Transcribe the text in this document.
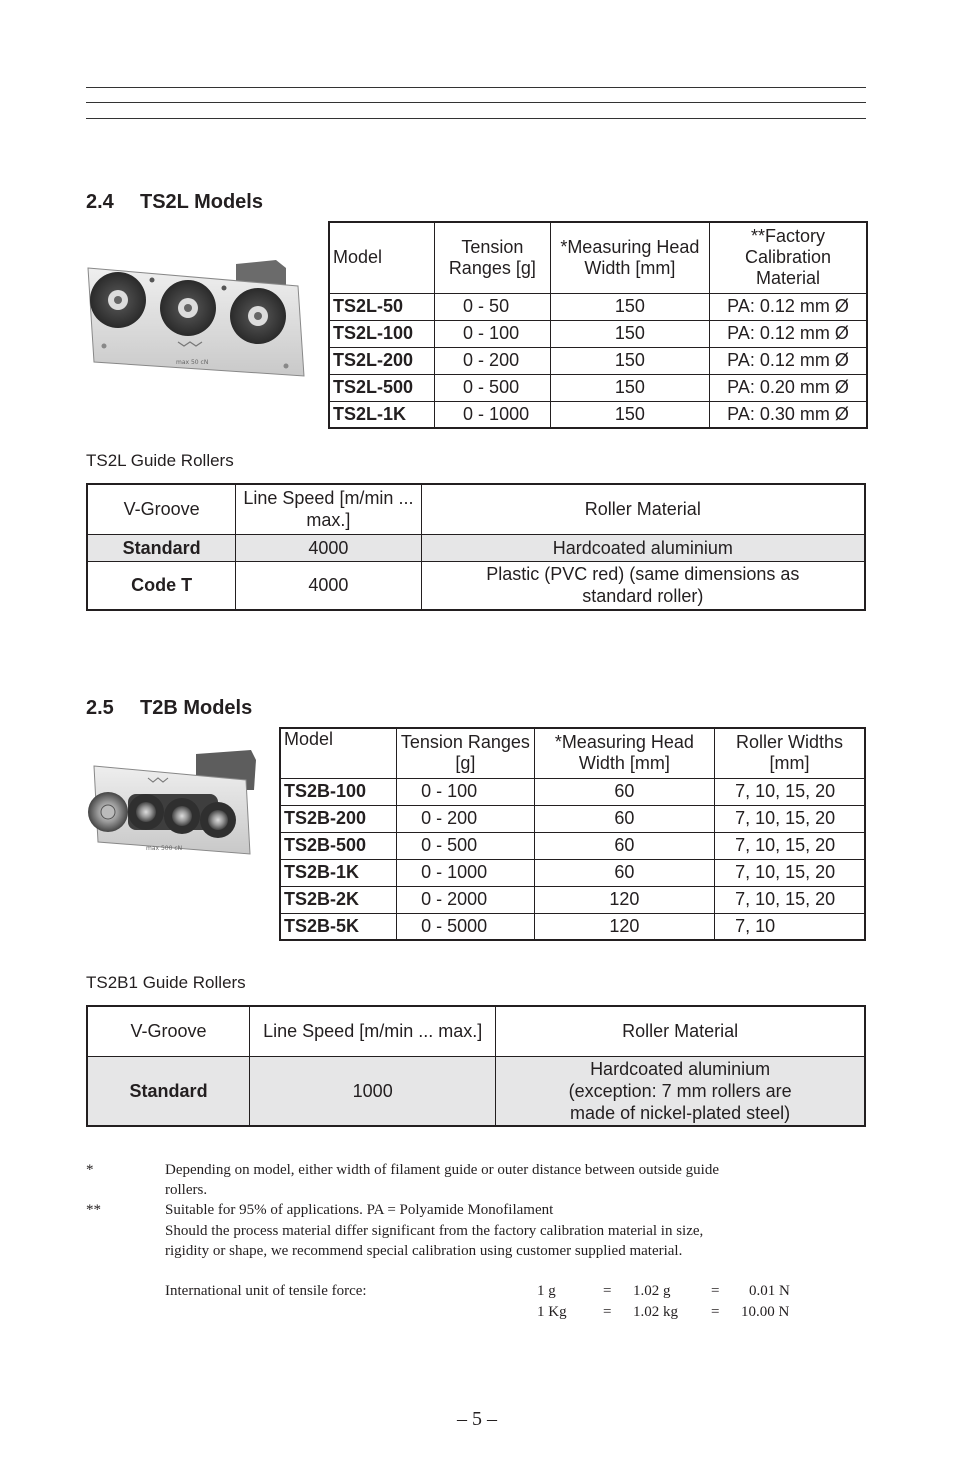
2.4 TS2L Models
max 50 cN
Model	Tension Ranges [g]	*Measuring Head Width [mm]	**Factory Calibration Material
TS2L-50	0 - 50	150	PA: 0.12 mm Ø
TS2L-100	0 - 100	150	PA: 0.12 mm Ø
TS2L-200	0 - 200	150	PA: 0.12 mm Ø
TS2L-500	0 - 500	150	PA: 0.20 mm Ø
TS2L-1K	0 - 1000	150	PA: 0.30 mm Ø
TS2L Guide Rollers
V-Groove	Line Speed [m/min ... max.]	Roller Material
Standard	4000	Hardcoated aluminium
Code T	4000	Plastic (PVC red) (same dimensions as standard roller)
2.5 T2B Models
max 500 cN
Model	Tension Ranges [g]	*Measuring Head Width [mm]	Roller Widths [mm]
TS2B-100	0 - 100	60	7, 10, 15, 20
TS2B-200	0 - 200	60	7, 10, 15, 20
TS2B-500	0 - 500	60	7, 10, 15, 20
TS2B-1K	0 - 1000	60	7, 10, 15, 20
TS2B-2K	0 - 2000	120	7, 10, 15, 20
TS2B-5K	0 - 5000	120	7, 10
TS2B1 Guide Rollers
V-Groove	Line Speed [m/min ... max.]	Roller Material
Standard	1000	Hardcoated aluminium (exception: 7 mm rollers are made of nickel-plated steel)
*	Depending on model, either width of filament guide or outer distance between outside guide rollers.
**	Suitable for 95% of applications. PA = Polyamide Monofilament
Should the process material differ significant from the factory calibration material in size, rigidity or shape, we recommend special calibration using customer supplied material.
International unit of tensile force:	1 g	= 1.02 g	= 0.01 N
1 Kg = 1.02 kg = 10.00 N
– 5 –
